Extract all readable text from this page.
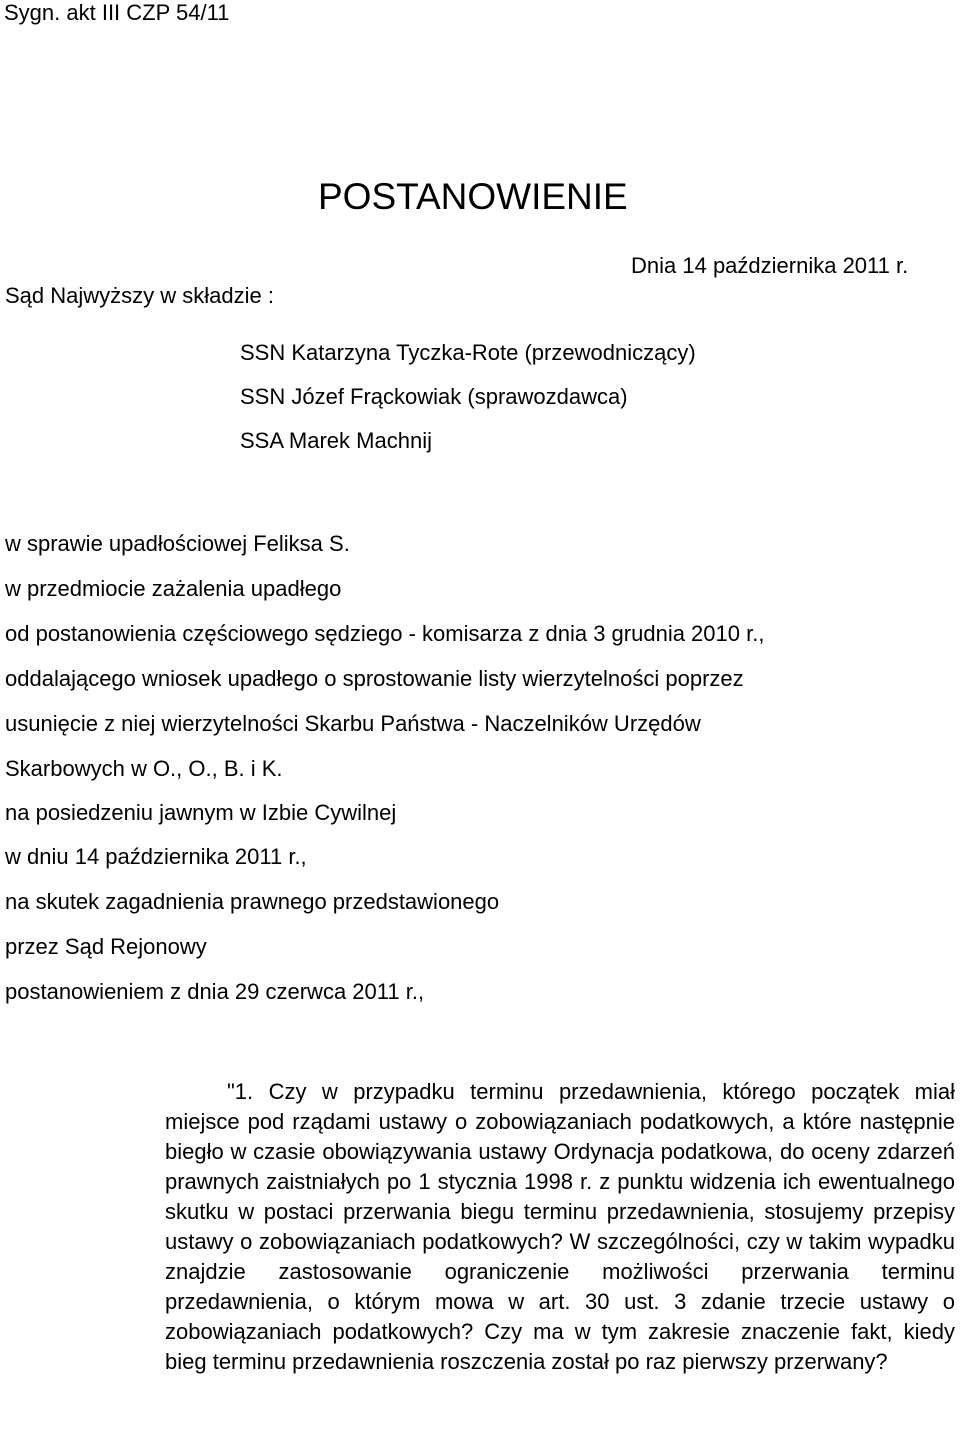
Sygn. akt III CZP 54/11
POSTANOWIENIE
Dnia 14 października 2011 r.
Sąd Najwyższy w składzie :
SSN Katarzyna Tyczka-Rote (przewodniczący)
SSN Józef Frąckowiak (sprawozdawca)
SSA Marek Machnij
w sprawie upadłościowej Feliksa S.
w przedmiocie zażalenia upadłego
od postanowienia częściowego sędziego - komisarza z dnia 3 grudnia 2010 r.,
oddalającego wniosek upadłego o sprostowanie listy wierzytelności poprzez
usunięcie z niej wierzytelności Skarbu Państwa - Naczelników Urzędów
Skarbowych w O., O., B. i K.
na posiedzeniu jawnym w Izbie Cywilnej
w dniu 14 października 2011 r.,
na skutek zagadnienia prawnego przedstawionego
przez Sąd Rejonowy
postanowieniem z dnia 29 czerwca 2011 r.,

"1. Czy w przypadku terminu przedawnienia, którego początek miał miejsce pod rządami ustawy o zobowiązaniach podatkowych, a które następnie biegło w czasie obowiązywania ustawy Ordynacja podatkowa, do oceny zdarzeń prawnych zaistniałych po 1 stycznia 1998 r. z punktu widzenia ich ewentualnego skutku w postaci przerwania biegu terminu przedawnienia, stosujemy przepisy ustawy o zobowiązaniach podatkowych? W szczególności, czy w takim wypadku znajdzie zastosowanie ograniczenie możliwości przerwania terminu przedawnienia, o którym mowa w art. 30 ust. 3 zdanie trzecie ustawy o zobowiązaniach podatkowych? Czy ma w tym zakresie znaczenie fakt, kiedy bieg terminu przedawnienia roszczenia został po raz pierwszy przerwany?
